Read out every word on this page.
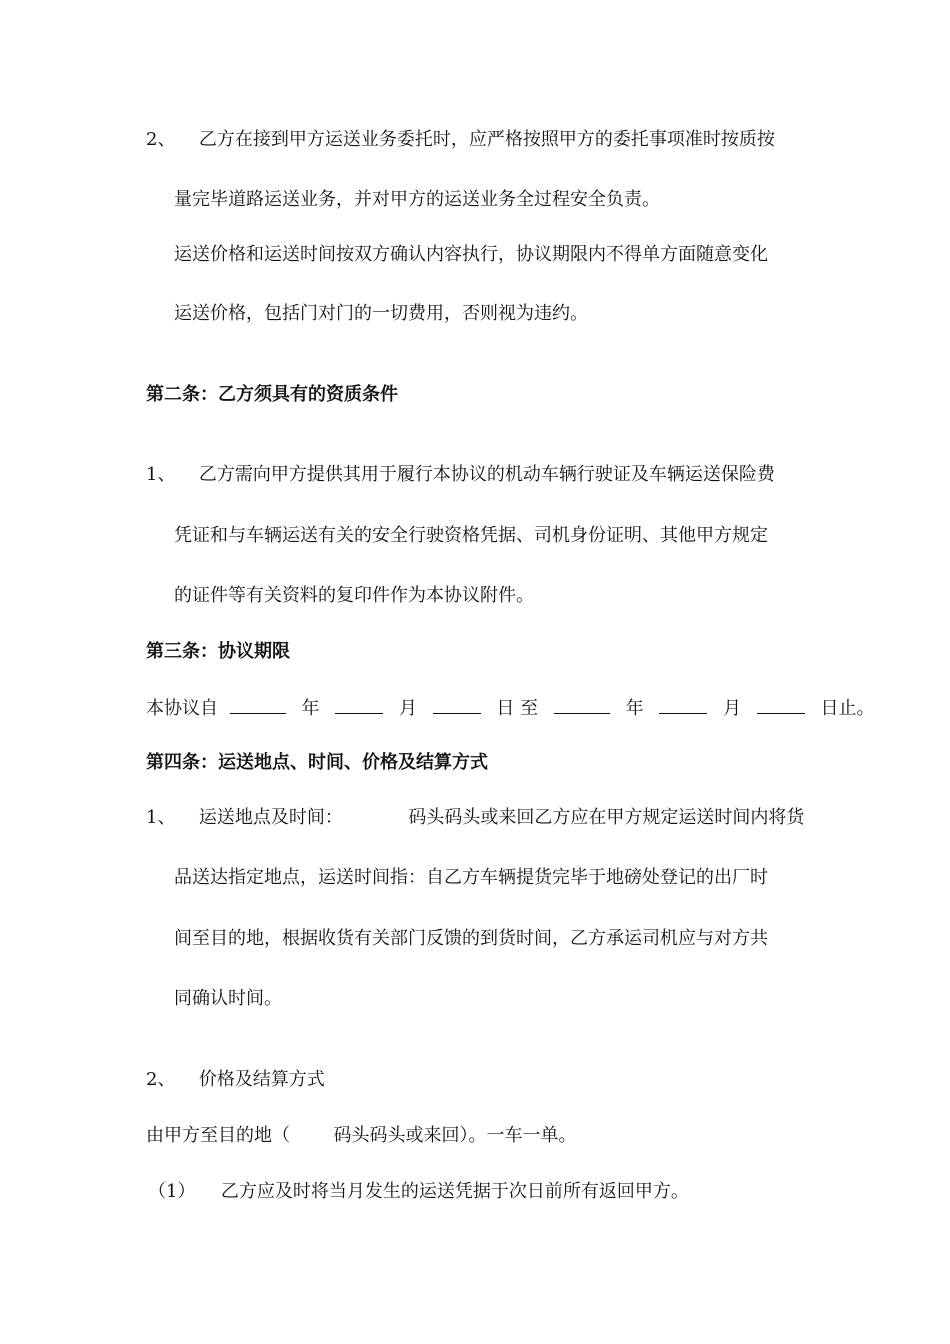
2、 乙方在接到甲方运送业务委托时，应严格按照甲方的委托事项准时按质按
量完毕道路运送业务，并对甲方的运送业务全过程安全负责。
运送价格和运送时间按双方确认内容执行，协议期限内不得单方面随意变化
运送价格，包括门对门的一切费用，否则视为违约。
第二条：乙方须具有的资质条件
1、 乙方需向甲方提供其用于履行本协议的机动车辆行驶证及车辆运送保险费
凭证和与车辆运送有关的安全行驶资格凭据、司机身份证明、其他甲方规定
的证件等有关资料的复印件作为本协议附件。
第三条：协议期限
本协议自	年	月	日 至	年	月	日止。
第四条：运送地点、时间、价格及结算方式
1、 运送地点及时间：	码头码头或来回乙方应在甲方规定运送时间内将货
品送达指定地点，运送时间指：自乙方车辆提货完毕于地磅处登记的出厂时
间至目的地，根据收货有关部门反馈的到货时间，乙方承运司机应与对方共
同确认时间。
2、 价格及结算方式
由甲方至目的地（ 码头码头或来回）。一车一单。
（1） 乙方应及时将当月发生的运送凭据于次日前所有返回甲方。
